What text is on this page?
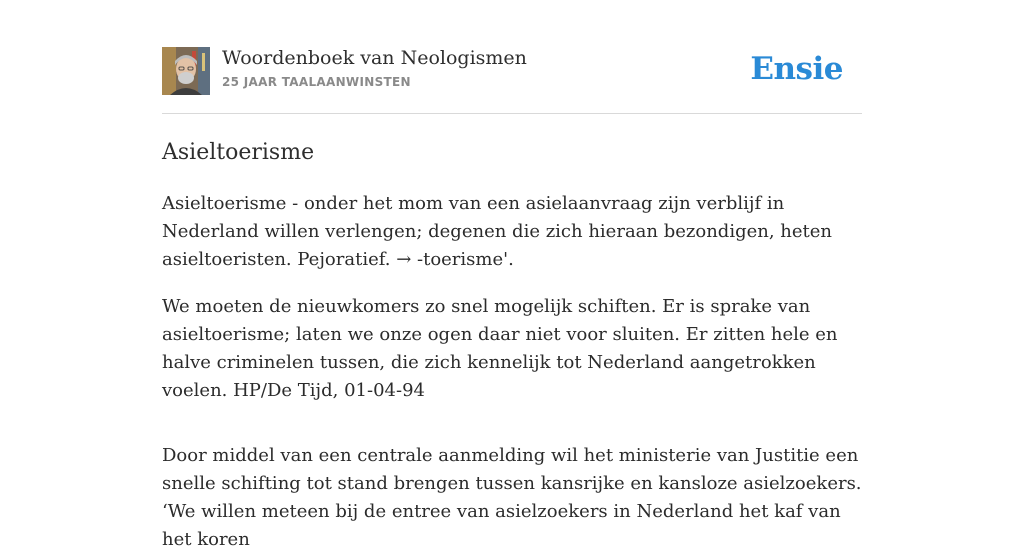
Woordenboek van Neologismen
25 JAAR TAALAANWINSTEN	Ensie
Asieltoerisme

Asieltoerisme - onder het mom van een asielaanvraag zijn verblijf in Nederland willen verlengen; degenen die zich hieraan bezondigen, heten asieltoeristen. Pejoratief. → -toerisme'.

We moeten de nieuwkomers zo snel mogelijk schiften. Er is sprake van asieltoerisme; laten we onze ogen daar niet voor sluiten. Er zitten hele en halve criminelen tussen, die zich kennelijk tot Nederland aangetrokken voelen. HP/De Tijd, 01-04-94

Door middel van een centrale aanmelding wil het ministerie van Justitie een snelle schifting tot stand brengen tussen kansrijke en kansloze asielzoekers. ‘We willen meteen bij de entree van asielzoekers in Nederland het kaf van het koren
